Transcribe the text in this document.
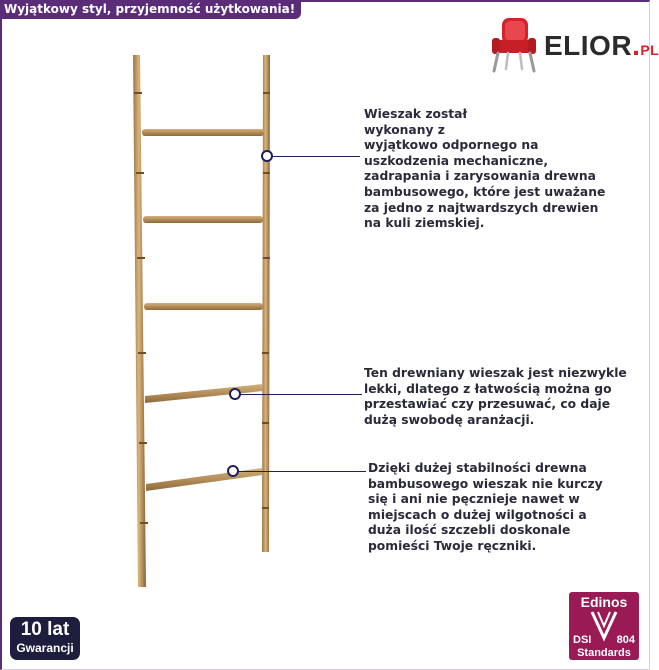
Wyjątkowy styl, przyjemność użytkowania!
ELIOR.PL
Wieszak został
wykonany z
wyjątkowo odpornego na
uszkodzenia mechaniczne,
zadrapania i zarysowania drewna
bambusowego, które jest uważane
za jedno z najtwardszych drewien
na kuli ziemskiej.
Ten drewniany wieszak jest niezwykle
lekki, dlatego z łatwością można go
przestawiać czy przesuwać, co daje
dużą swobodę aranżacji.
Dzięki dużej stabilności drewna
bambusowego wieszak nie kurczy
się i ani nie pęcznieje nawet w
miejscach o dużej wilgotności a
duża ilość szczebli doskonale
pomieści Twoje ręczniki.
10 lat
Gwarancji
Edinos
DSI 804
Standards
